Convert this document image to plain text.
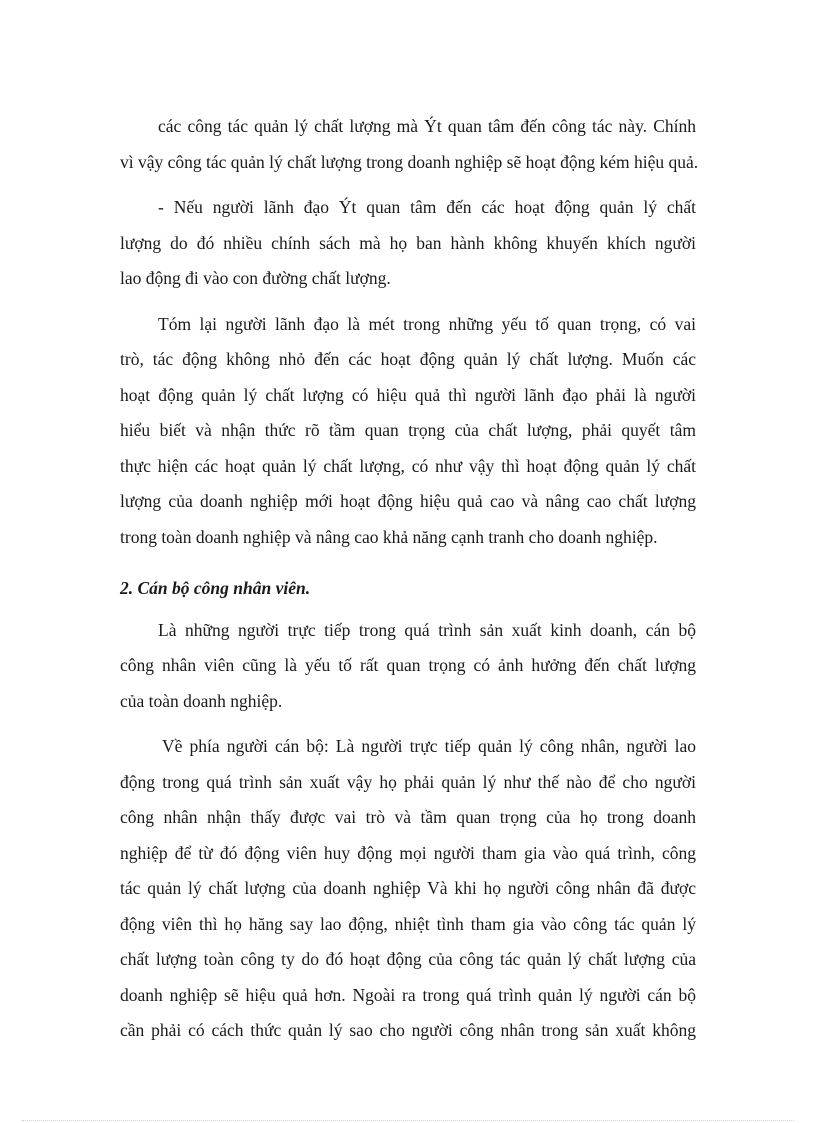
các công tác quản lý chất lượng mà Ýt quan tâm đến công tác này. Chính
vì vậy công tác quản lý chất lượng trong doanh nghiệp sẽ hoạt động kém hiệu quả.

- Nếu người lãnh đạo Ýt quan tâm đến các hoạt động quản lý chất
lượng do đó nhiều chính sách mà họ ban hành không khuyến khích người
lao động đi vào con đường chất lượng.

Tóm lại người lãnh đạo là mét trong những yếu tố quan trọng, có vai
trò, tác động không nhỏ đến các hoạt động quản lý chất lượng. Muốn các
hoạt động quản lý chất lượng có hiệu quả thì người lãnh đạo phải là người
hiểu biết và nhận thức rõ tầm quan trọng của chất lượng, phải quyết tâm
thực hiện các hoạt quản lý chất lượng, có như vậy thì hoạt động quản lý chất
lượng của doanh nghiệp mới hoạt động hiệu quả cao và nâng cao chất lượng
trong toàn doanh nghiệp và nâng cao khả năng cạnh tranh cho doanh nghiệp.

2. Cán bộ công nhân viên.

Là những người trực tiếp trong quá trình sản xuất kinh doanh, cán bộ
công nhân viên cũng là yếu tố rất quan trọng có ảnh hưởng đến chất lượng
của toàn doanh nghiệp.

Về phía người cán bộ: Là người trực tiếp quản lý công nhân, người lao
động trong quá trình sản xuất vậy họ phải quản lý như thế nào để cho người
công nhân nhận thấy được vai trò và tầm quan trọng của họ trong doanh
nghiệp để từ đó động viên huy động mọi người tham gia vào quá trình, công
tác quản lý chất lượng của doanh nghiệp Và khi họ người công nhân đã được
động viên thì họ hăng say lao động, nhiệt tình tham gia vào công tác quản lý
chất lượng toàn công ty do đó hoạt động của công tác quản lý chất lượng của
doanh nghiệp sẽ hiệu quả hơn. Ngoài ra trong quá trình quản lý người cán bộ
cần phải có cách thức quản lý sao cho người công nhân trong sản xuất không
